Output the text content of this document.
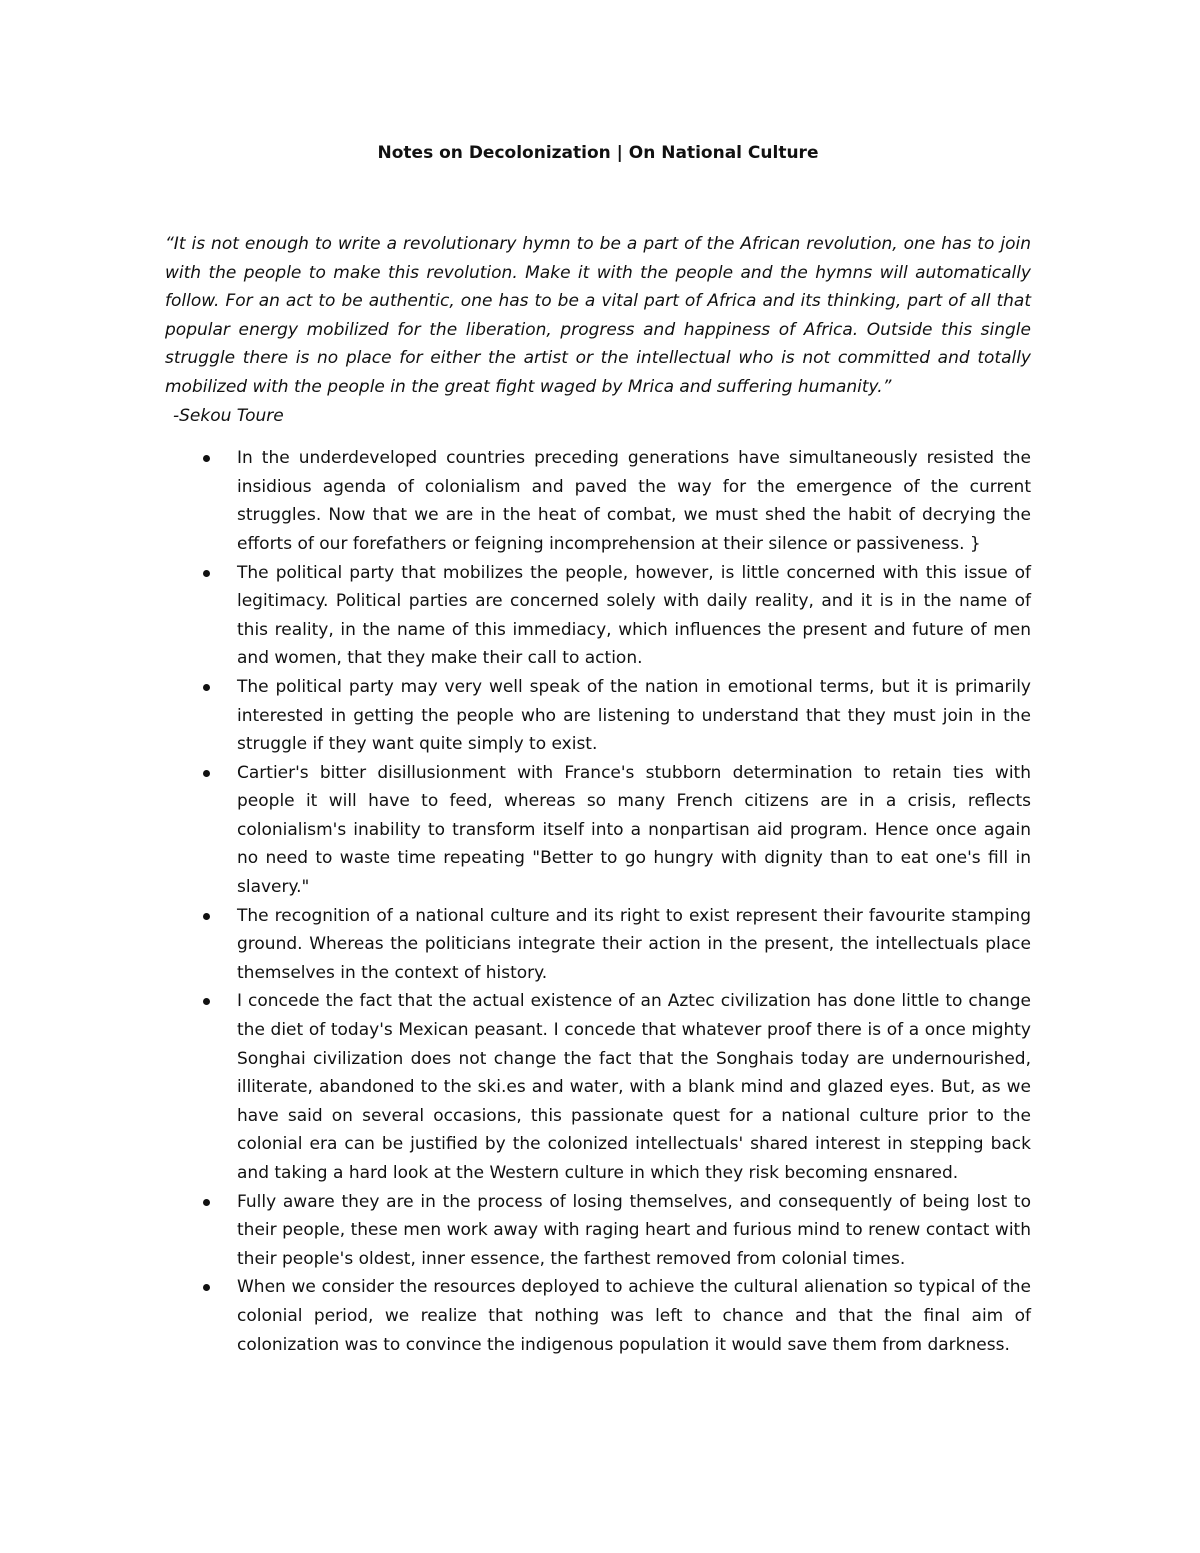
Notes on Decolonization | On National Culture

“It is not enough to write a revolutionary hymn to be a part of the African revolution, one has to join with the people to make this revolution. Make it with the people and the hymns will automatically follow. For an act to be authentic, one has to be a vital part of Africa and its thinking, part of all that popular energy mobilized for the liberation, progress and happiness of Africa. Outside this single struggle there is no place for either the artist or the intellectual who is not committed and totally mobilized with the people in the great fight waged by Mrica and suffering humanity.”

-Sekou Toure

In the underdeveloped countries preceding generations have simultaneously resisted the insidious agenda of colonialism and paved the way for the emergence of the current struggles. Now that we are in the heat of combat, we must shed the habit of decrying the efforts of our forefathers or feigning incomprehension at their silence or passiveness. }
The political party that mobilizes the people, however, is little concerned with this issue of legitimacy. Political parties are concerned solely with daily reality, and it is in the name of this reality, in the name of this immediacy, which influences the present and future of men and women, that they make their call to action.
The political party may very well speak of the nation in emotional terms, but it is primarily interested in getting the people who are listening to understand that they must join in the struggle if they want quite simply to exist.
Cartier's bitter disillusionment with France's stubborn determination to retain ties with people it will have to feed, whereas so many French citizens are in a crisis, reflects colonialism's inability to transform itself into a nonpartisan aid program. Hence once again no need to waste time repeating "Better to go hungry with dignity than to eat one's fill in slavery."
The recognition of a national culture and its right to exist represent their favourite stamping ground. Whereas the politicians integrate their action in the present, the intellectuals place themselves in the context of history.
I concede the fact that the actual existence of an Aztec civilization has done little to change the diet of today's Mexican peasant. I concede that whatever proof there is of a once mighty Songhai civilization does not change the fact that the Songhais today are undernourished, illiterate, abandoned to the ski.es and water, with a blank mind and glazed eyes. But, as we have said on several occasions, this passionate quest for a national culture prior to the colonial era can be justified by the colonized intellectuals' shared interest in stepping back and taking a hard look at the Western culture in which they risk becoming ensnared.
Fully aware they are in the process of losing themselves, and consequently of being lost to their people, these men work away with raging heart and furious mind to renew contact with their people's oldest, inner essence, the farthest removed from colonial times.
When we consider the resources deployed to achieve the cultural alienation so typical of the colonial period, we realize that nothing was left to chance and that the final aim of colonization was to convince the indigenous population it would save them from darkness.
